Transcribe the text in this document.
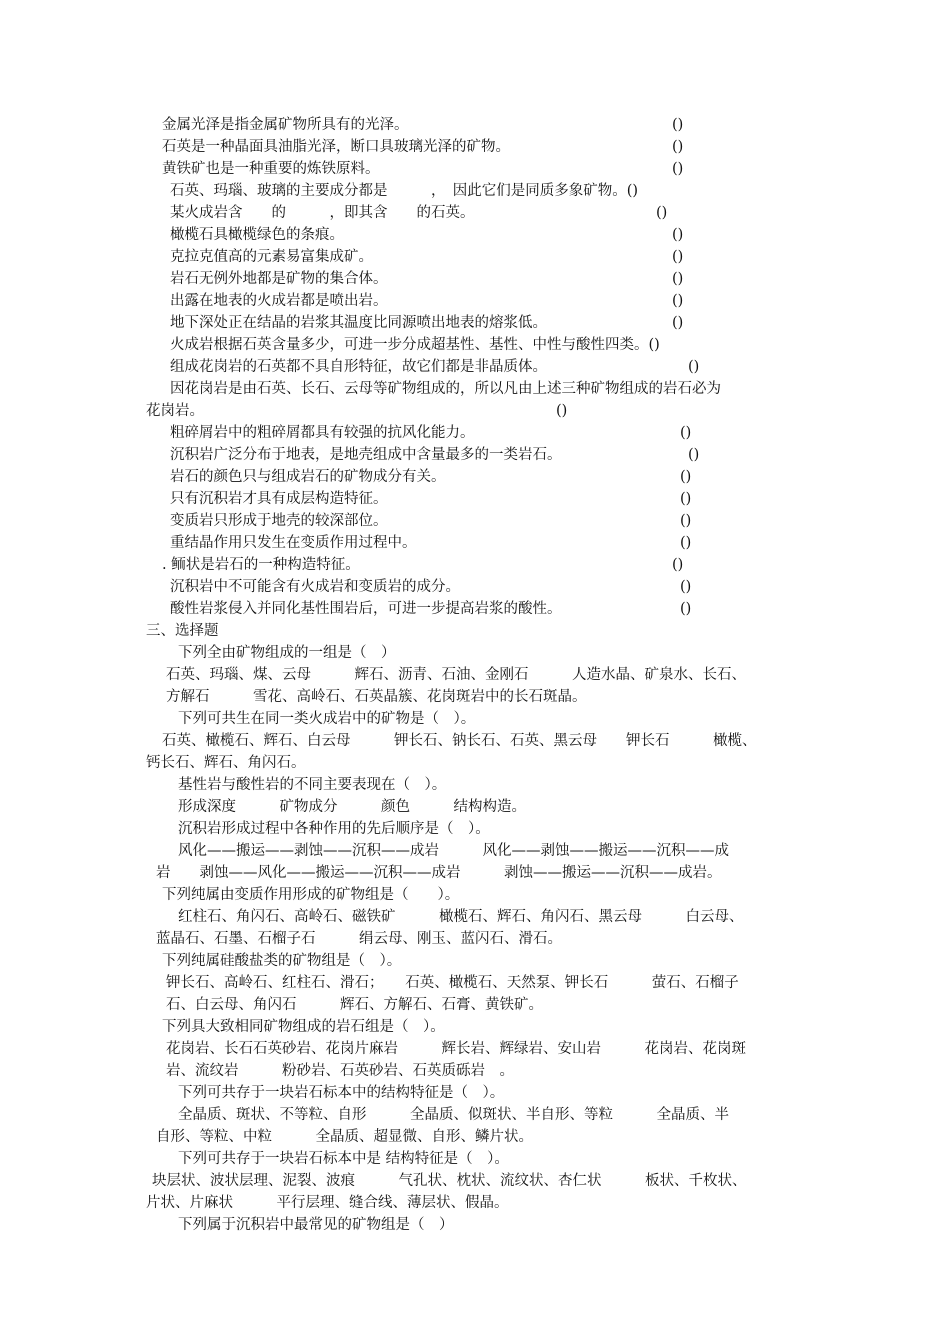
金属光泽是指金属矿物所具有的光泽。	()
石英是一种晶面具油脂光泽，断口具玻璃光泽的矿物。	()
黄铁矿也是一种重要的炼铁原料。	()
石英、玛瑙、玻璃的主要成分都是　　　，　因此它们是同质多象矿物。()
某火成岩含　　的　　　，即其含　　的石英。	()
橄榄石具橄榄绿色的条痕。	()
克拉克值高的元素易富集成矿。	()
岩石无例外地都是矿物的集合体。	()
出露在地表的火成岩都是喷出岩。	()
地下深处正在结晶的岩浆其温度比同源喷出地表的熔浆低。	()
火成岩根据石英含量多少，可进一步分成超基性、基性、中性与酸性四类。()
组成花岗岩的石英都不具自形特征，故它们都是非晶质体。	()
因花岗岩是由石英、长石、云母等矿物组成的，所以凡由上述三种矿物组成的岩石必为
花岗岩。	()
粗碎屑岩中的粗碎屑都具有较强的抗风化能力。	()
沉积岩广泛分布于地表，是地壳组成中含量最多的一类岩石。	()
岩石的颜色只与组成岩石的矿物成分有关。	()
只有沉积岩才具有成层构造特征。	()
变质岩只形成于地壳的较深部位。	()
重结晶作用只发生在变质作用过程中。	()
. 鲕状是岩石的一种构造特征。	()
沉积岩中不可能含有火成岩和变质岩的成分。	()
酸性岩浆侵入并同化基性围岩后，可进一步提高岩浆的酸性。	()
三、选择题
下列全由矿物组成的一组是（　）
石英、玛瑙、煤、云母　　　辉石、沥青、石油、金刚石　　　人造水晶、矿泉水、长石、
方解石　　　雪花、高岭石、石英晶簇、花岗斑岩中的长石斑晶。
下列可共生在同一类火成岩中的矿物是（　）。
石英、橄榄石、辉石、白云母　　　钾长石、钠长石、石英、黑云母　　钾长石　　　橄榄、
钙长石、辉石、角闪石。
基性岩与酸性岩的不同主要表现在（　）。
形成深度　　　矿物成分　　　颜色　　　结构构造。
沉积岩形成过程中各种作用的先后顺序是（　）。
风化——搬运——剥蚀——沉积——成岩　　　风化——剥蚀——搬运——沉积——成
岩　　剥蚀——风化——搬运——沉积——成岩　　　剥蚀——搬运——沉积——成岩。
下列纯属由变质作用形成的矿物组是（　　）。
红柱石、角闪石、高岭石、磁铁矿　　　橄榄石、辉石、角闪石、黑云母　　　白云母、
蓝晶石、石墨、石榴子石　　　绢云母、刚玉、蓝闪石、滑石。
下列纯属硅酸盐类的矿物组是（　）。
钾长石、高岭石、红柱石、滑石；　　石英、橄榄石、天然泵、钾长石　　　萤石、石榴子
石、白云母、角闪石　　　辉石、方解石、石膏、黄铁矿。
下列具大致相同矿物组成的岩石组是（　）。
花岗岩、长石石英砂岩、花岗片麻岩　　　辉长岩、辉绿岩、安山岩　　　花岗岩、花岗斑
岩、流纹岩　　　粉砂岩、石英砂岩、石英质砾岩　。
下列可共存于一块岩石标本中的结构特征是（　）。
全晶质、斑状、不等粒、自形　　　全晶质、似斑状、半自形、等粒　　　全晶质、半
自形、等粒、中粒　　　全晶质、超显微、自形、鳞片状。
下列可共存于一块岩石标本中是 结构特征是（　）。
块层状、波状层理、泥裂、波痕　　　气孔状、枕状、流纹状、杏仁状　　　板状、千枚状、
片状、片麻状　　　平行层理、缝合线、薄层状、假晶。
下列属于沉积岩中最常见的矿物组是（　）
